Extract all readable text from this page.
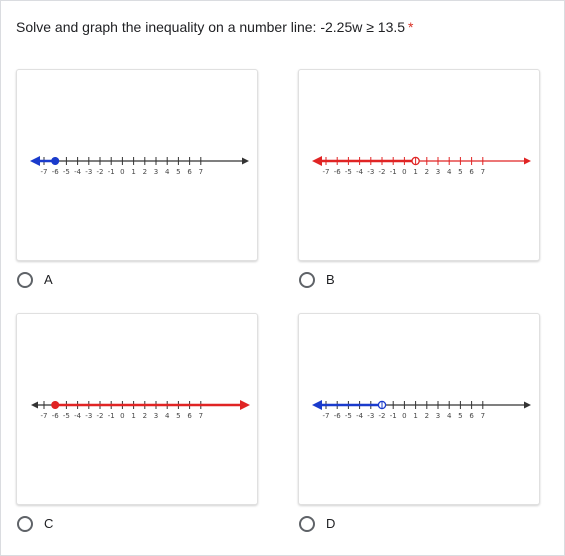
Solve and graph the inequality on a number line: -2.25w ≥ 13.5 *
-7 -6 -5 -4 -3 -2 -1 0 1 2 3 4 5 6 7
A
-7 -6 -5 -4 -3 -2 -1 0 1 2 3 4 5 6 7
B
-7 -6 -5 -4 -3 -2 -1 0 1 2 3 4 5 6 7
C
-7 -6 -5 -4 -3 -2 -1 0 1 2 3 4 5 6 7
D
